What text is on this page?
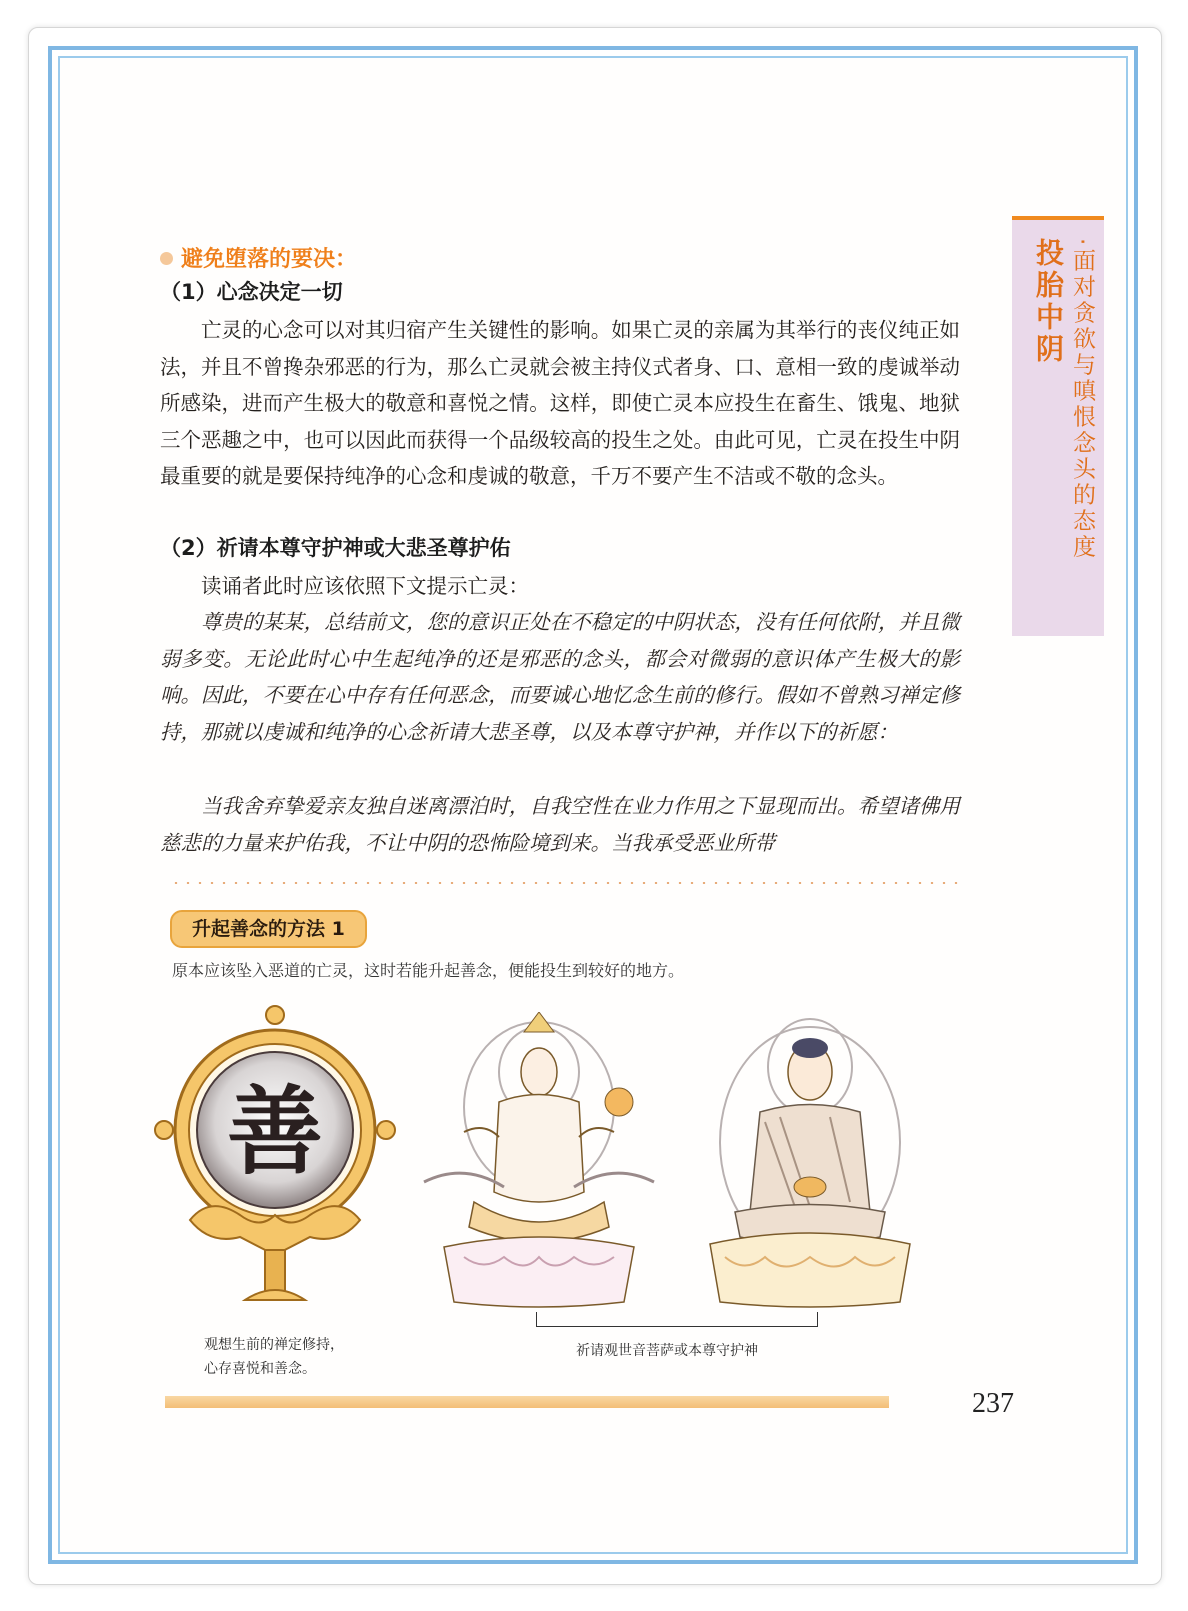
投胎中阴 ·面对贪欲与嗔恨念头的态度
避免堕落的要决：
（1）心念决定一切
亡灵的心念可以对其归宿产生关键性的影响。如果亡灵的亲属为其举行的丧仪纯正如法，并且不曾搀杂邪恶的行为，那么亡灵就会被主持仪式者身、口、意相一致的虔诚举动所感染，进而产生极大的敬意和喜悦之情。这样，即使亡灵本应投生在畜生、饿鬼、地狱三个恶趣之中，也可以因此而获得一个品级较高的投生之处。由此可见，亡灵在投生中阴最重要的就是要保持纯净的心念和虔诚的敬意，千万不要产生不洁或不敬的念头。
（2）祈请本尊守护神或大悲圣尊护佑
读诵者此时应该依照下文提示亡灵：
尊贵的某某，总结前文，您的意识正处在不稳定的中阴状态，没有任何依附，并且微弱多变。无论此时心中生起纯净的还是邪恶的念头，都会对微弱的意识体产生极大的影响。因此，不要在心中存有任何恶念，而要诚心地忆念生前的修行。假如不曾熟习禅定修持，那就以虔诚和纯净的心念祈请大悲圣尊，以及本尊守护神，并作以下的祈愿：
当我舍弃挚爱亲友独自迷离漂泊时，自我空性在业力作用之下显现而出。希望诸佛用慈悲的力量来护佑我，不让中阴的恐怖险境到来。当我承受恶业所带
升起善念的方法 1
原本应该坠入恶道的亡灵，这时若能升起善念，便能投生到较好的地方。
善
观想生前的禅定修持，
心存喜悦和善念。
祈请观世音菩萨或本尊守护神
237
